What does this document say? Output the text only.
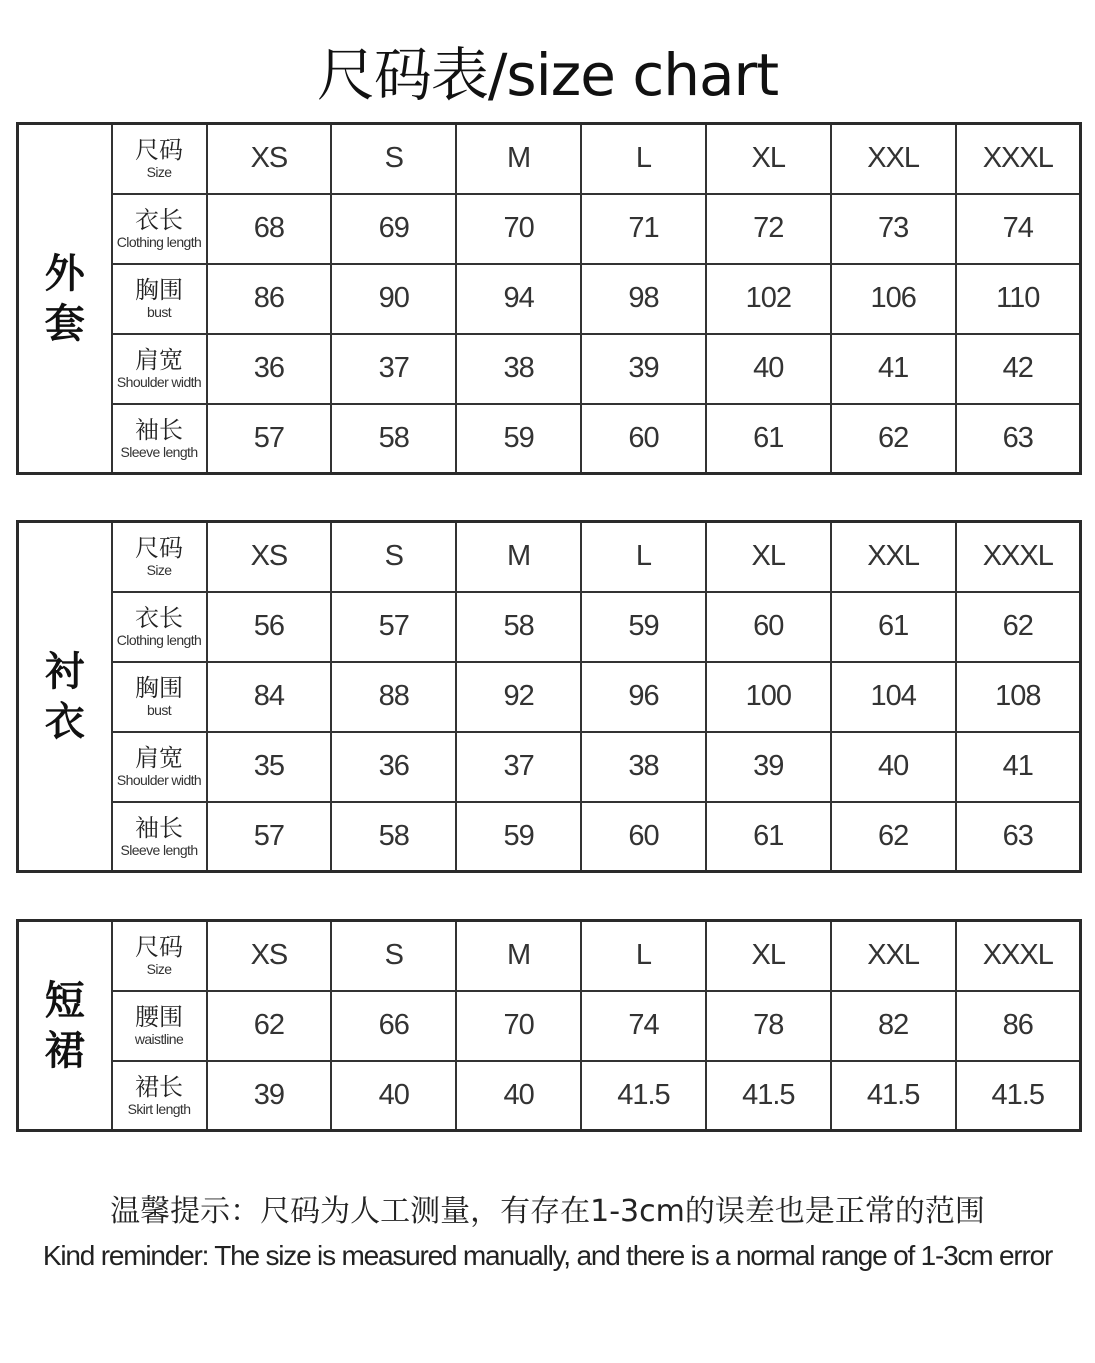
尺码表/size chart
外
套	尺码
Size	XS	S	M	L	XL	XXL	XXXL

	衣长
Clothing length	68	69	70	71	72	73	74

	胸围
bust	86	90	94	98	102	106	110

	肩宽
Shoulder width	36	37	38	39	40	41	42

	袖长
Sleeve length	57	58	59	60	61	62	63
衬
衣	尺码
Size	XS	S	M	L	XL	XXL	XXXL

	衣长
Clothing length	56	57	58	59	60	61	62

	胸围
bust	84	88	92	96	100	104	108

	肩宽
Shoulder width	35	36	37	38	39	40	41

	袖长
Sleeve length	57	58	59	60	61	62	63
短
裙	尺码
Size	XS	S	M	L	XL	XXL	XXXL

	腰围
waistline	62	66	70	74	78	82	86

	裙长
Skirt length	39	40	40	41.5	41.5	41.5	41.5
温馨提示：尺码为人工测量，有存在1-3cm的误差也是正常的范围
Kind reminder: The size is measured manually, and there is a normal range of 1-3cm error
